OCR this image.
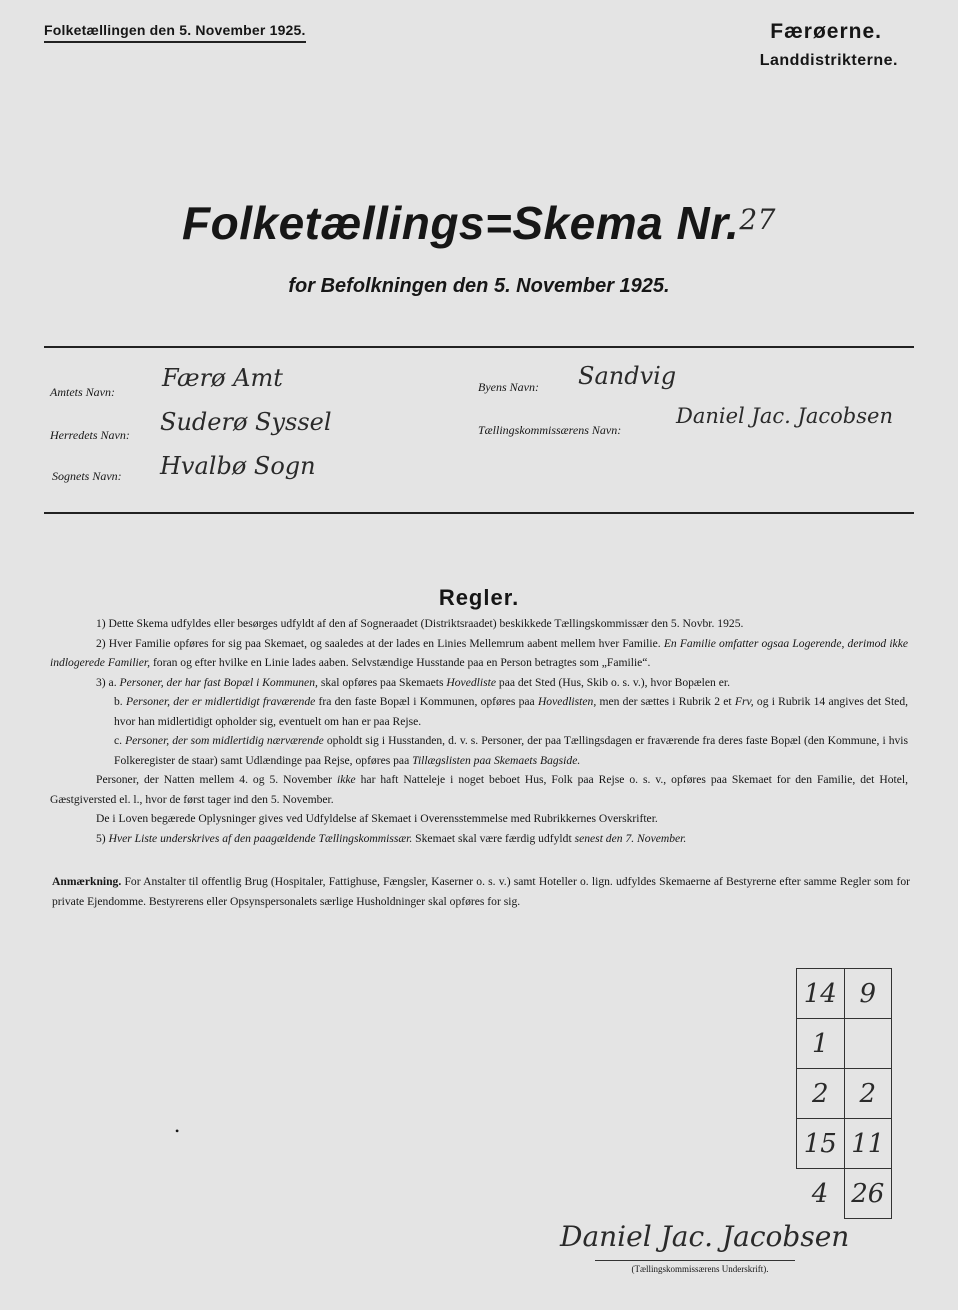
Folketællingen den 5. November 1925.	Færøerne.
Landdistrikterne.
Folketællings=Skema Nr.$^{27}$
for Befolkningen den 5. November 1925.
Amtets Navn: Færø Amt
Herredets Navn: Suderø Syssel
Sognets Navn: Hvalbø Sogn
Byens Navn: Sandvig
Tællingskommissærens Navn:
Daniel Jac. Jacobsen
Regler.

1) Dette Skema udfyldes eller besørges udfyldt af den af Sogneraadet (Distriktsraadet) beskikkede Tællingskommissær den 5. Novbr. 1925.

2) Hver Familie opføres for sig paa Skemaet, og saaledes at der lades en Linies Mellemrum aabent mellem hver Familie. En Familie omfatter ogsaa Logerende, derimod ikke indlogerede Familier, foran og efter hvilke en Linie lades aaben. Selvstændige Husstande paa en Person betragtes som „Familie“.

3) a. Personer, der har fast Bopæl i Kommunen, skal opføres paa Skemaets Hovedliste paa det Sted (Hus, Skib o. s. v.), hvor Bopælen er.

b. Personer, der er midlertidigt fraværende fra den faste Bopæl i Kommunen, opføres paa Hovedlisten, men der sættes i Rubrik 2 et Frv, og i Rubrik 14 angives det Sted, hvor han midlertidigt opholder sig, eventuelt om han er paa Rejse.

c. Personer, der som midlertidig nærværende opholdt sig i Husstanden, d. v. s. Personer, der paa Tællingsdagen er fraværende fra deres faste Bopæl (den Kommune, i hvis Folkeregister de staar) samt Udlændinge paa Rejse, opføres paa Tillægslisten paa Skemaets Bagside.

Personer, der Natten mellem 4. og 5. November ikke har haft Natteleje i noget beboet Hus, Folk paa Rejse o. s. v., opføres paa Skemaet for den Familie, det Hotel, Gæstgiversted el. l., hvor de først tager ind den 5. November.

De i Loven begærede Oplysninger gives ved Udfyldelse af Skemaet i Overensstemmelse med Rubrikkernes Overskrifter.

5) Hver Liste underskrives af den paagældende Tællingskommissær. Skemaet skal være færdig udfyldt senest den 7. November.

Anmærkning. For Anstalter til offentlig Brug (Hospitaler, Fattighuse, Fængsler, Kaserner o. s. v.) samt Hoteller o. lign. udfyldes Skemaerne af Bestyrerne efter samme Regler som for private Ejendomme. Bestyrerens eller Opsynspersonalets særlige Husholdninger skal opføres for sig.
14	9
1	
2	2
15	11
4	26
Daniel Jac. Jacobsen
(Tællingskommissærens Underskrift).
•
